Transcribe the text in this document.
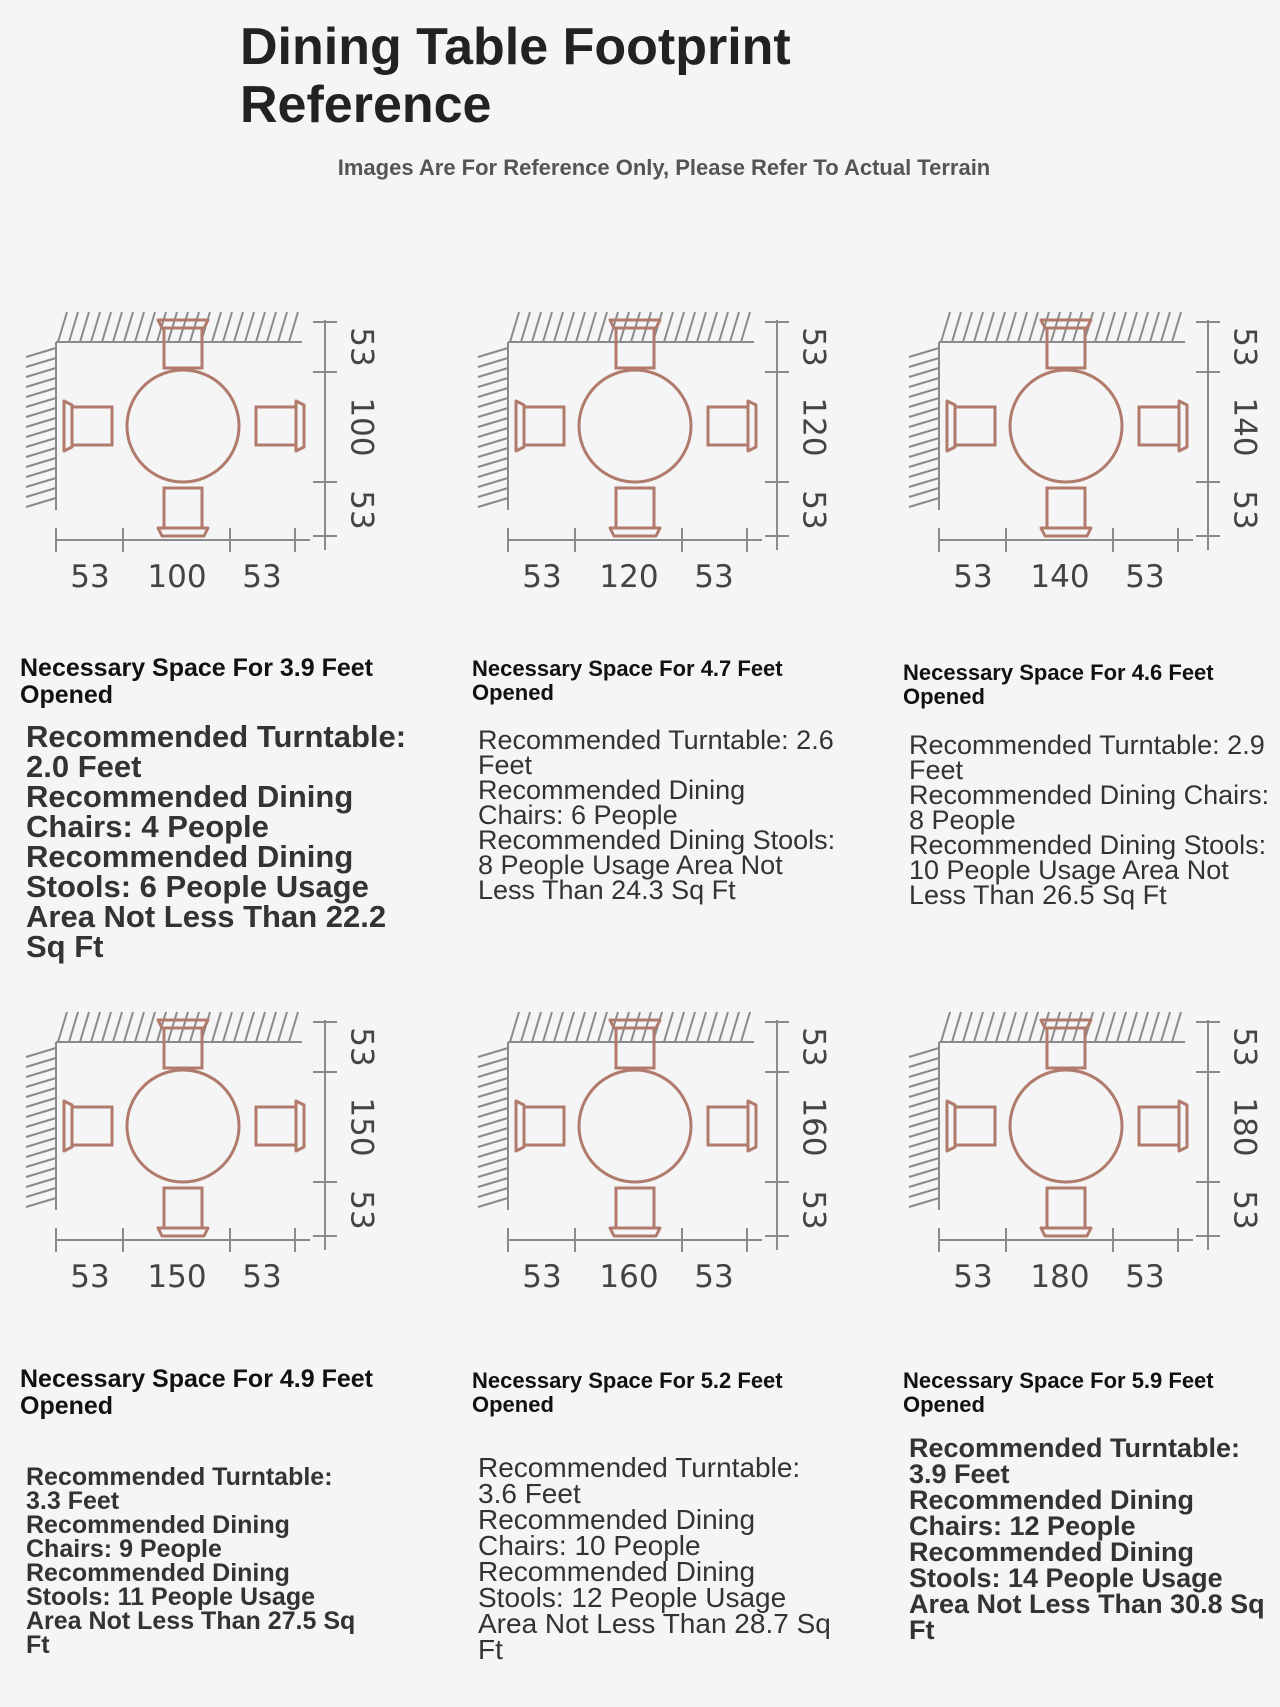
Dining Table Footprint
Reference
Images Are For Reference Only, Please Refer To Actual Terrain
53 100 53
53
100
53
Necessary Space For 3.9 Feet Opened

Recommended Turntable: 2.0 Feet

Recommended Dining Chairs: 4 People

Recommended Dining Stools: 6 People Usage Area Not Less Than 22.2 Sq Ft

53 120 53
53
120
53
Necessary Space For 4.7 Feet Opened

Recommended Turntable: 2.6 Feet

Recommended Dining Chairs: 6 People

Recommended Dining Stools: 8 People Usage Area Not Less Than 24.3 Sq Ft

53 140 53
53
140
53
Necessary Space For 4.6 Feet Opened

Recommended Turntable: 2.9 Feet

Recommended Dining Chairs: 8 People

Recommended Dining Stools: 10 People Usage Area Not Less Than 26.5 Sq Ft

53 150 53
53
150
53
Necessary Space For 4.9 Feet Opened

Recommended Turntable: 3.3 Feet

Recommended Dining Chairs: 9 People

Recommended Dining Stools: 11 People Usage Area Not Less Than 27.5 Sq Ft

53 160 53
53
160
53
Necessary Space For 5.2 Feet Opened

Recommended Turntable: 3.6 Feet

Recommended Dining Chairs: 10 People

Recommended Dining Stools: 12 People Usage Area Not Less Than 28.7 Sq Ft

53 180 53
53
180
53
Necessary Space For 5.9 Feet Opened

Recommended Turntable: 3.9 Feet

Recommended Dining Chairs: 12 People

Recommended Dining Stools: 14 People Usage Area Not Less Than 30.8 Sq Ft
